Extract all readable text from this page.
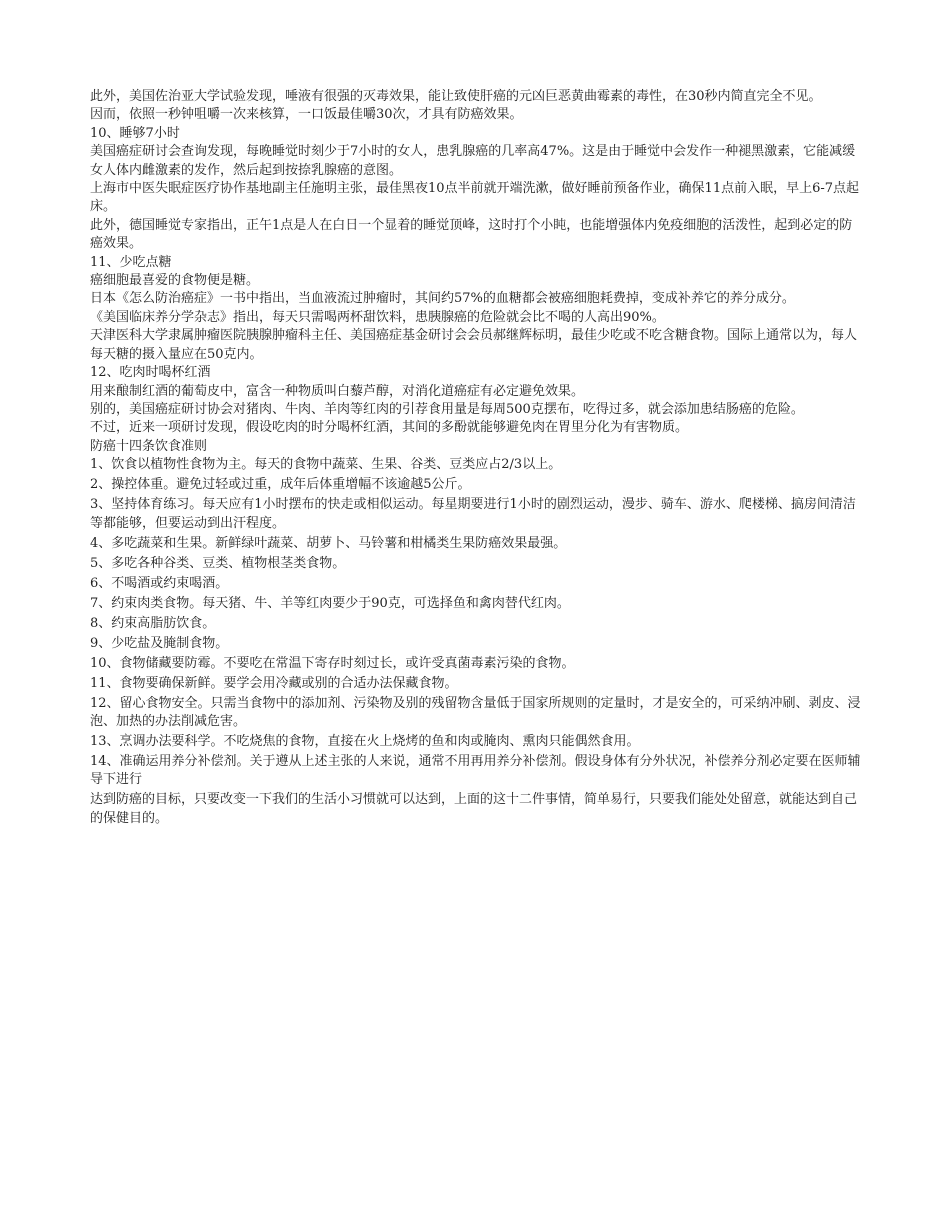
此外，美国佐治亚大学试验发现，唾液有很强的灭毒效果，能让致使肝癌的元凶巨恶黄曲霉素的毒性，在30秒内简直完全不见。

因而，依照一秒钟咀嚼一次来核算，一口饭最佳嚼30次，才具有防癌效果。

10、睡够7小时

美国癌症研讨会查询发现，每晚睡觉时刻少于7小时的女人，患乳腺癌的几率高47%。这是由于睡觉中会发作一种褪黑激素，它能减缓女人体内雌激素的发作，然后起到按捺乳腺癌的意图。

上海市中医失眠症医疗协作基地副主任施明主张，最佳黑夜10点半前就开端洗漱，做好睡前预备作业，确保11点前入眠，早上6-7点起床。

此外，德国睡觉专家指出，正午1点是人在白日一个显着的睡觉顶峰，这时打个小盹，也能增强体内免疫细胞的活泼性，起到必定的防癌效果。

11、少吃点糖

癌细胞最喜爱的食物便是糖。

日本《怎么防治癌症》一书中指出，当血液流过肿瘤时，其间约57%的血糖都会被癌细胞耗费掉，变成补养它的养分成分。

《美国临床养分学杂志》指出，每天只需喝两杯甜饮料，患胰腺癌的危险就会比不喝的人高出90%。

天津医科大学隶属肿瘤医院胰腺肿瘤科主任、美国癌症基金研讨会会员郝继辉标明，最佳少吃或不吃含糖食物。国际上通常以为，每人每天糖的摄入量应在50克内。

12、吃肉时喝杯红酒

用来酿制红酒的葡萄皮中，富含一种物质叫白藜芦醇，对消化道癌症有必定避免效果。

别的，美国癌症研讨协会对猪肉、牛肉、羊肉等红肉的引荐食用量是每周500克摆布，吃得过多，就会添加患结肠癌的危险。

不过，近来一项研讨发现，假设吃肉的时分喝杯红酒，其间的多酚就能够避免肉在胃里分化为有害物质。

防癌十四条饮食准则

1、饮食以植物性食物为主。每天的食物中蔬菜、生果、谷类、豆类应占2/3以上。

2、操控体重。避免过轻或过重，成年后体重增幅不该逾越5公斤。

3、坚持体育练习。每天应有1小时摆布的快走或相似运动。每星期要进行1小时的剧烈运动，漫步、骑车、游水、爬楼梯、搞房间清洁等都能够，但要运动到出汗程度。

4、多吃蔬菜和生果。新鲜绿叶蔬菜、胡萝卜、马铃薯和柑橘类生果防癌效果最强。

5、多吃各种谷类、豆类、植物根茎类食物。

6、不喝酒或约束喝酒。

7、约束肉类食物。每天猪、牛、羊等红肉要少于90克，可选择鱼和禽肉替代红肉。

8、约束高脂肪饮食。

9、少吃盐及腌制食物。

10、食物储藏要防霉。不要吃在常温下寄存时刻过长，或许受真菌毒素污染的食物。

11、食物要确保新鲜。要学会用冷藏或别的合适办法保藏食物。

12、留心食物安全。只需当食物中的添加剂、污染物及别的残留物含量低于国家所规则的定量时，才是安全的，可采纳冲刷、剥皮、浸泡、加热的办法削减危害。

13、烹调办法要科学。不吃烧焦的食物，直接在火上烧烤的鱼和肉或腌肉、熏肉只能偶然食用。

14、准确运用养分补偿剂。关于遵从上述主张的人来说，通常不用再用养分补偿剂。假设身体有分外状况，补偿养分剂必定要在医师辅导下进行

达到防癌的目标，只要改变一下我们的生活小习惯就可以达到，上面的这十二件事情，简单易行，只要我们能处处留意，就能达到自己的保健目的。
